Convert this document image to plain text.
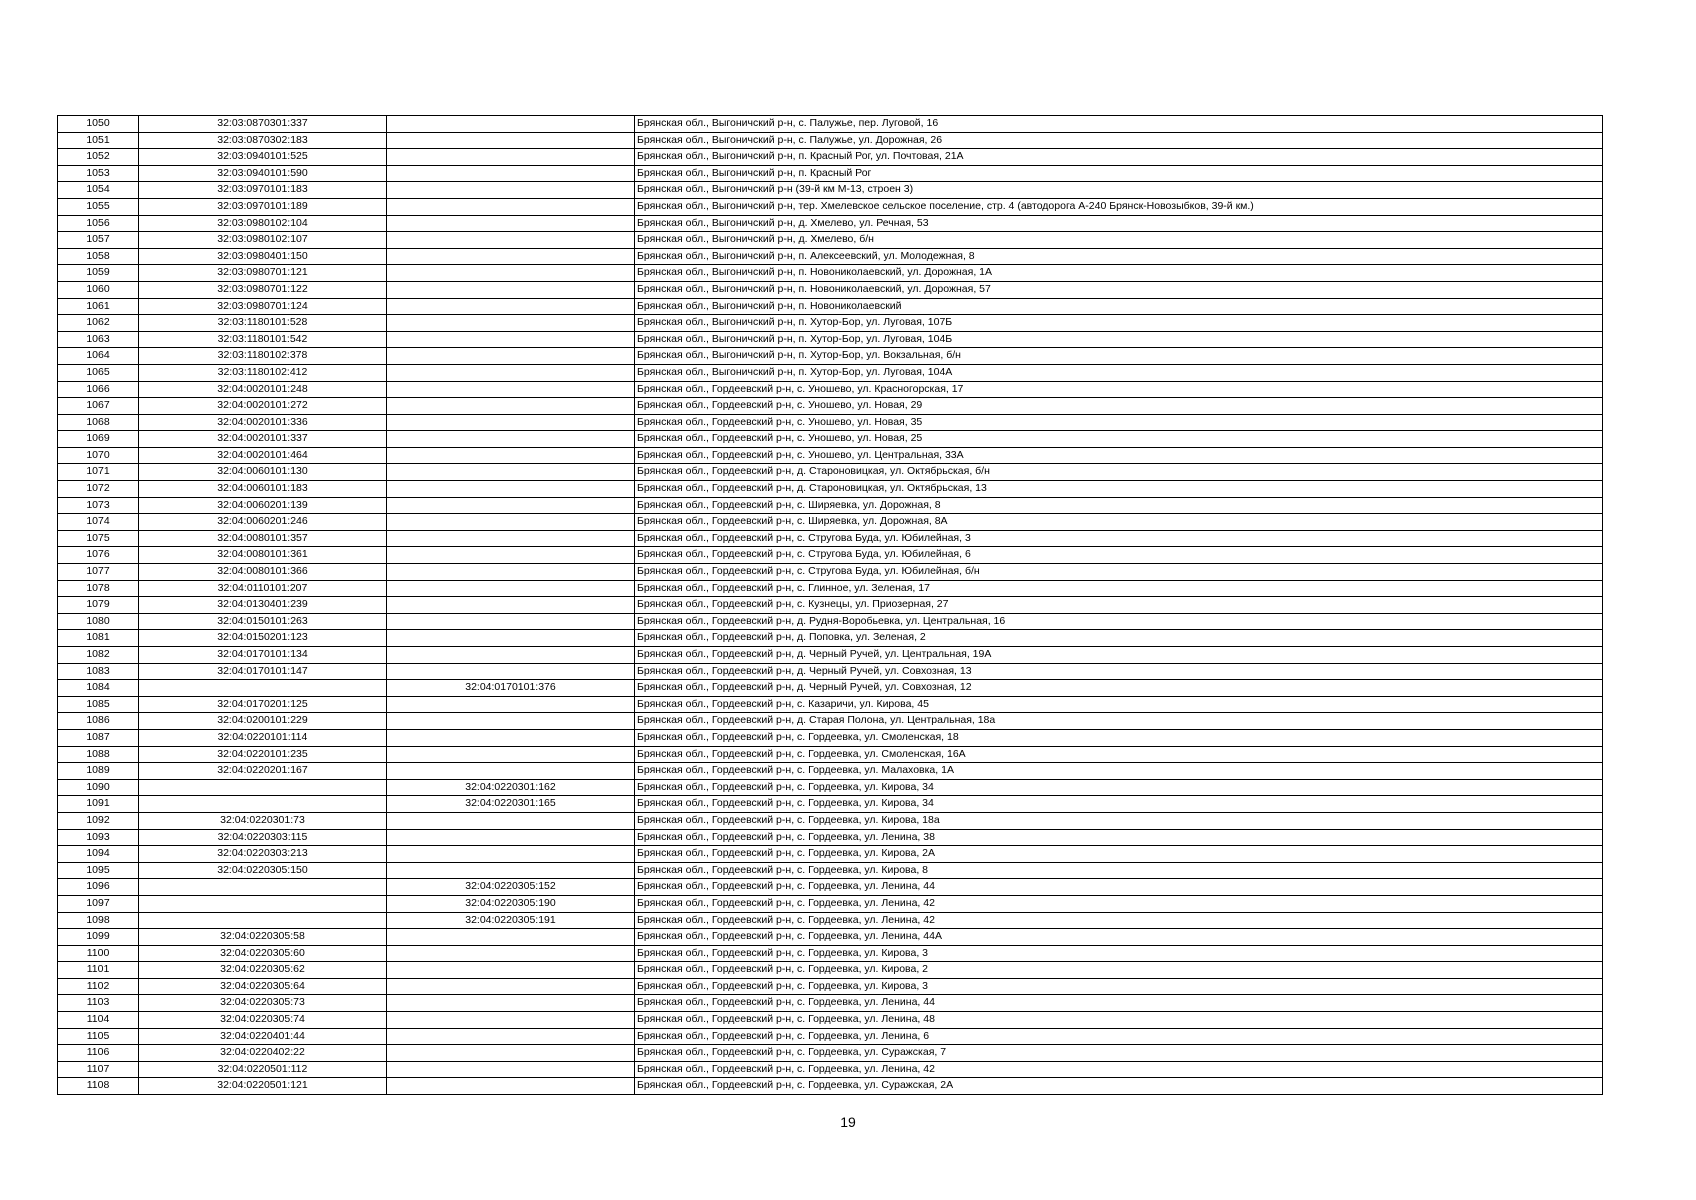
1050	32:03:0870301:337		Брянская обл., Выгоничский р-н, с. Палужье, пер. Луговой, 16
1051	32:03:0870302:183		Брянская обл., Выгоничский р-н, с. Палужье, ул. Дорожная, 26
1052	32:03:0940101:525		Брянская обл., Выгоничский р-н, п. Красный Рог, ул. Почтовая, 21А
1053	32:03:0940101:590		Брянская обл., Выгоничский р-н, п. Красный Рог
1054	32:03:0970101:183		Брянская обл., Выгоничский р-н (39-й км М-13, строен 3)
1055	32:03:0970101:189		Брянская обл., Выгоничский р-н, тер. Хмелевское сельское поселение, стр. 4 (автодорога А-240 Брянск-Новозыбков, 39-й км.)
1056	32:03:0980102:104		Брянская обл., Выгоничский р-н, д. Хмелево, ул. Речная, 53
1057	32:03:0980102:107		Брянская обл., Выгоничский р-н, д. Хмелево, б/н
1058	32:03:0980401:150		Брянская обл., Выгоничский р-н, п. Алексеевский, ул. Молодежная, 8
1059	32:03:0980701:121		Брянская обл., Выгоничский р-н, п. Новониколаевский, ул. Дорожная, 1А
1060	32:03:0980701:122		Брянская обл., Выгоничский р-н, п. Новониколаевский, ул. Дорожная, 57
1061	32:03:0980701:124		Брянская обл., Выгоничский р-н, п. Новониколаевский
1062	32:03:1180101:528		Брянская обл., Выгоничский р-н, п. Хутор-Бор, ул. Луговая, 107Б
1063	32:03:1180101:542		Брянская обл., Выгоничский р-н, п. Хутор-Бор, ул. Луговая, 104Б
1064	32:03:1180102:378		Брянская обл., Выгоничский р-н, п. Хутор-Бор, ул. Вокзальная, б/н
1065	32:03:1180102:412		Брянская обл., Выгоничский р-н, п. Хутор-Бор, ул. Луговая, 104А
1066	32:04:0020101:248		Брянская обл., Гордеевский р-н, с. Уношево, ул. Красногорская, 17
1067	32:04:0020101:272		Брянская обл., Гордеевский р-н, с. Уношево, ул. Новая, 29
1068	32:04:0020101:336		Брянская обл., Гордеевский р-н, с. Уношево, ул. Новая, 35
1069	32:04:0020101:337		Брянская обл., Гордеевский р-н, с. Уношево, ул. Новая, 25
1070	32:04:0020101:464		Брянская обл., Гордеевский р-н, с. Уношево, ул. Центральная, 33А
1071	32:04:0060101:130		Брянская обл., Гордеевский р-н, д. Староновицкая, ул. Октябрьская, б/н
1072	32:04:0060101:183		Брянская обл., Гордеевский р-н, д. Староновицкая, ул. Октябрьская, 13
1073	32:04:0060201:139		Брянская обл., Гордеевский р-н, с. Ширяевка, ул. Дорожная, 8
1074	32:04:0060201:246		Брянская обл., Гордеевский р-н, с. Ширяевка, ул. Дорожная, 8А
1075	32:04:0080101:357		Брянская обл., Гордеевский р-н, с. Стругова Буда, ул. Юбилейная, 3
1076	32:04:0080101:361		Брянская обл., Гордеевский р-н, с. Стругова Буда, ул. Юбилейная, 6
1077	32:04:0080101:366		Брянская обл., Гордеевский р-н, с. Стругова Буда, ул. Юбилейная, б/н
1078	32:04:0110101:207		Брянская обл., Гордеевский р-н, с. Глинное, ул. Зеленая, 17
1079	32:04:0130401:239		Брянская обл., Гордеевский р-н, с. Кузнецы, ул. Приозерная, 27
1080	32:04:0150101:263		Брянская обл., Гордеевский р-н, д. Рудня-Воробьевка, ул. Центральная, 16
1081	32:04:0150201:123		Брянская обл., Гордеевский р-н, д. Поповка, ул. Зеленая, 2
1082	32:04:0170101:134		Брянская обл., Гордеевский р-н, д. Черный Ручей, ул. Центральная, 19А
1083	32:04:0170101:147		Брянская обл., Гордеевский р-н, д. Черный Ручей, ул. Совхозная, 13
1084		32:04:0170101:376	Брянская обл., Гордеевский р-н, д. Черный Ручей, ул. Совхозная, 12
1085	32:04:0170201:125		Брянская обл., Гордеевский р-н, с. Казаричи, ул. Кирова, 45
1086	32:04:0200101:229		Брянская обл., Гордеевский р-н, д. Старая Полона, ул. Центральная, 18а
1087	32:04:0220101:114		Брянская обл., Гордеевский р-н, с. Гордеевка, ул. Смоленская, 18
1088	32:04:0220101:235		Брянская обл., Гордеевский р-н, с. Гордеевка, ул. Смоленская, 16А
1089	32:04:0220201:167		Брянская обл., Гордеевский р-н, с. Гордеевка, ул. Малаховка, 1А
1090		32:04:0220301:162	Брянская обл., Гордеевский р-н, с. Гордеевка, ул. Кирова, 34
1091		32:04:0220301:165	Брянская обл., Гордеевский р-н, с. Гордеевка, ул. Кирова, 34
1092	32:04:0220301:73		Брянская обл., Гордеевский р-н, с. Гордеевка, ул. Кирова, 18а
1093	32:04:0220303:115		Брянская обл., Гордеевский р-н, с. Гордеевка, ул. Ленина, 38
1094	32:04:0220303:213		Брянская обл., Гордеевский р-н, с. Гордеевка, ул. Кирова, 2А
1095	32:04:0220305:150		Брянская обл., Гордеевский р-н, с. Гордеевка, ул. Кирова, 8
1096		32:04:0220305:152	Брянская обл., Гордеевский р-н, с. Гордеевка, ул. Ленина, 44
1097		32:04:0220305:190	Брянская обл., Гордеевский р-н, с. Гордеевка, ул. Ленина, 42
1098		32:04:0220305:191	Брянская обл., Гордеевский р-н, с. Гордеевка, ул. Ленина, 42
1099	32:04:0220305:58		Брянская обл., Гордеевский р-н, с. Гордеевка, ул. Ленина, 44А
1100	32:04:0220305:60		Брянская обл., Гордеевский р-н, с. Гордеевка, ул. Кирова, 3
1101	32:04:0220305:62		Брянская обл., Гордеевский р-н, с. Гордеевка, ул. Кирова, 2
1102	32:04:0220305:64		Брянская обл., Гордеевский р-н, с. Гордеевка, ул. Кирова, 3
1103	32:04:0220305:73		Брянская обл., Гордеевский р-н, с. Гордеевка, ул. Ленина, 44
1104	32:04:0220305:74		Брянская обл., Гордеевский р-н, с. Гордеевка, ул. Ленина, 48
1105	32:04:0220401:44		Брянская обл., Гордеевский р-н, с. Гордеевка, ул. Ленина, 6
1106	32:04:0220402:22		Брянская обл., Гордеевский р-н, с. Гордеевка, ул. Суражская, 7
1107	32:04:0220501:112		Брянская обл., Гордеевский р-н, с. Гордеевка, ул. Ленина, 42
1108	32:04:0220501:121		Брянская обл., Гордеевский р-н, с. Гордеевка, ул. Суражская, 2А
19
